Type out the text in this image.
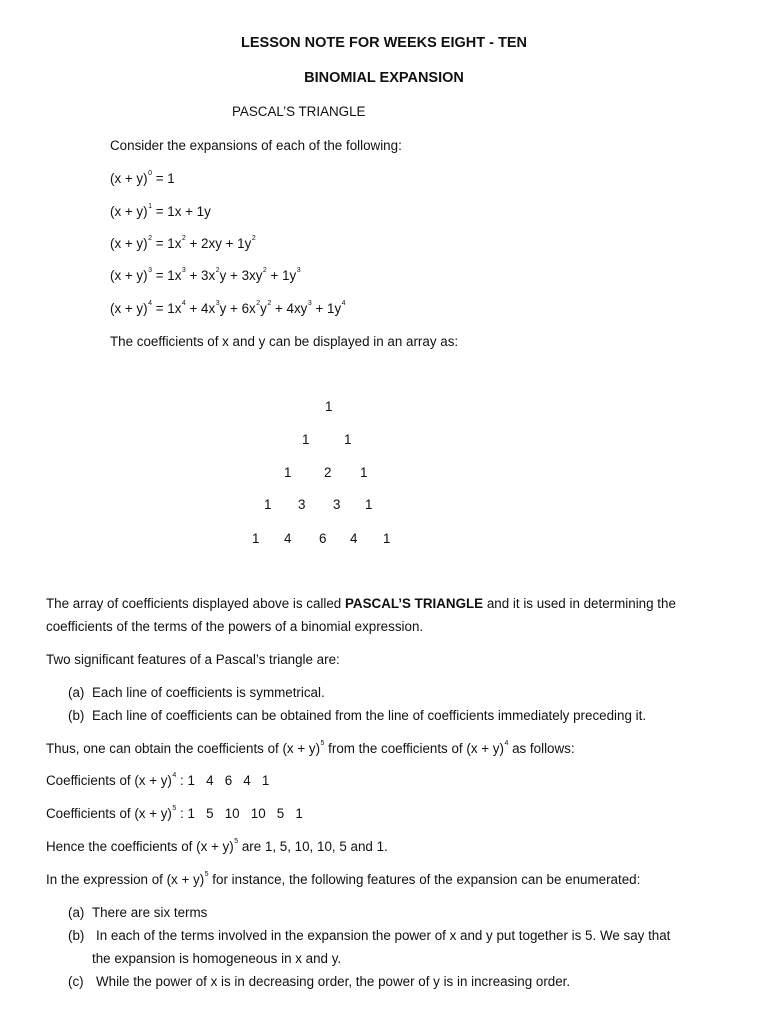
LESSON NOTE FOR WEEKS EIGHT - TEN
BINOMIAL EXPANSION
PASCAL’S TRIANGLE
Consider the expansions of each of the following:
$(x + y)^0 = 1$
$(x + y)^1 = 1x + 1y$
$(x + y)^2 = 1x^2 + 2xy + 1y^2$
$(x + y)^3 = 1x^3 + 3x^2y + 3xy^2 + 1y^3$
$(x + y)^4 = 1x^4 + 4x^3y + 6x^2y^2 + 4xy^3 + 1y^4$
The coefficients of x and y can be displayed in an array as:
1
1	1
1 2 1
1 3 3 1
1 4 6 4 1
The array of coefficients displayed above is called PASCAL’S TRIANGLE and it is used in determining the
coefficients of the terms of the powers of a binomial expression.
Two significant features of a Pascal’s triangle are:
(a) Each line of coefficients is symmetrical.
(b) Each line of coefficients can be obtained from the line of coefficients immediately preceding it.
Thus, one can obtain the coefficients of $(x + y)^5$ from the coefficients of $(x + y)^4$ as follows:
Coefficients of $(x + y)^4$ : 1   4   6   4   1
Coefficients of $(x + y)^5$ : 1   5   10   10   5   1
Hence the coefficients of $(x + y)^5$ are 1, 5, 10, 10, 5 and 1.
In the expression of $(x + y)^5$ for instance, the following features of the expansion can be enumerated:
(a) There are six terms
(b) In each of the terms involved in the expansion the power of x and y put together is 5. We say that
the expansion is homogeneous in x and y.
(c) While the power of x is in decreasing order, the power of y is in increasing order.
